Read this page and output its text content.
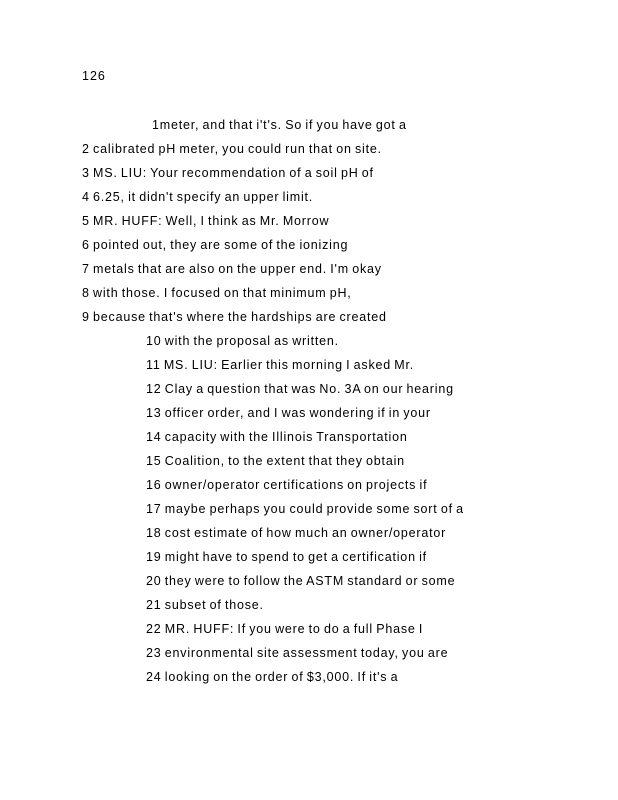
126
1meter, and that i't's. So if you have got a
2 calibrated pH meter, you could run that on site.
3 MS. LIU: Your recommendation of a soil pH of
4 6.25, it didn't specify an upper limit.
5 MR. HUFF: Well, I think as Mr. Morrow
6 pointed out, they are some of the ionizing
7 metals that are also on the upper end. I'm okay
8 with those. I focused on that minimum pH,
9 because that's where the hardships are created
10 with the proposal as written.
11 MS. LIU: Earlier this morning I asked Mr.
12 Clay a question that was No. 3A on our hearing
13 officer order, and I was wondering if in your
14 capacity with the Illinois Transportation
15 Coalition, to the extent that they obtain
16 owner/operator certifications on projects if
17 maybe perhaps you could provide some sort of a
18 cost estimate of how much an owner/operator
19 might have to spend to get a certification if
20 they were to follow the ASTM standard or some
21 subset of those.
22 MR. HUFF: If you were to do a full Phase I
23 environmental site assessment today, you are
24 looking on the order of $3,000. If it's a
